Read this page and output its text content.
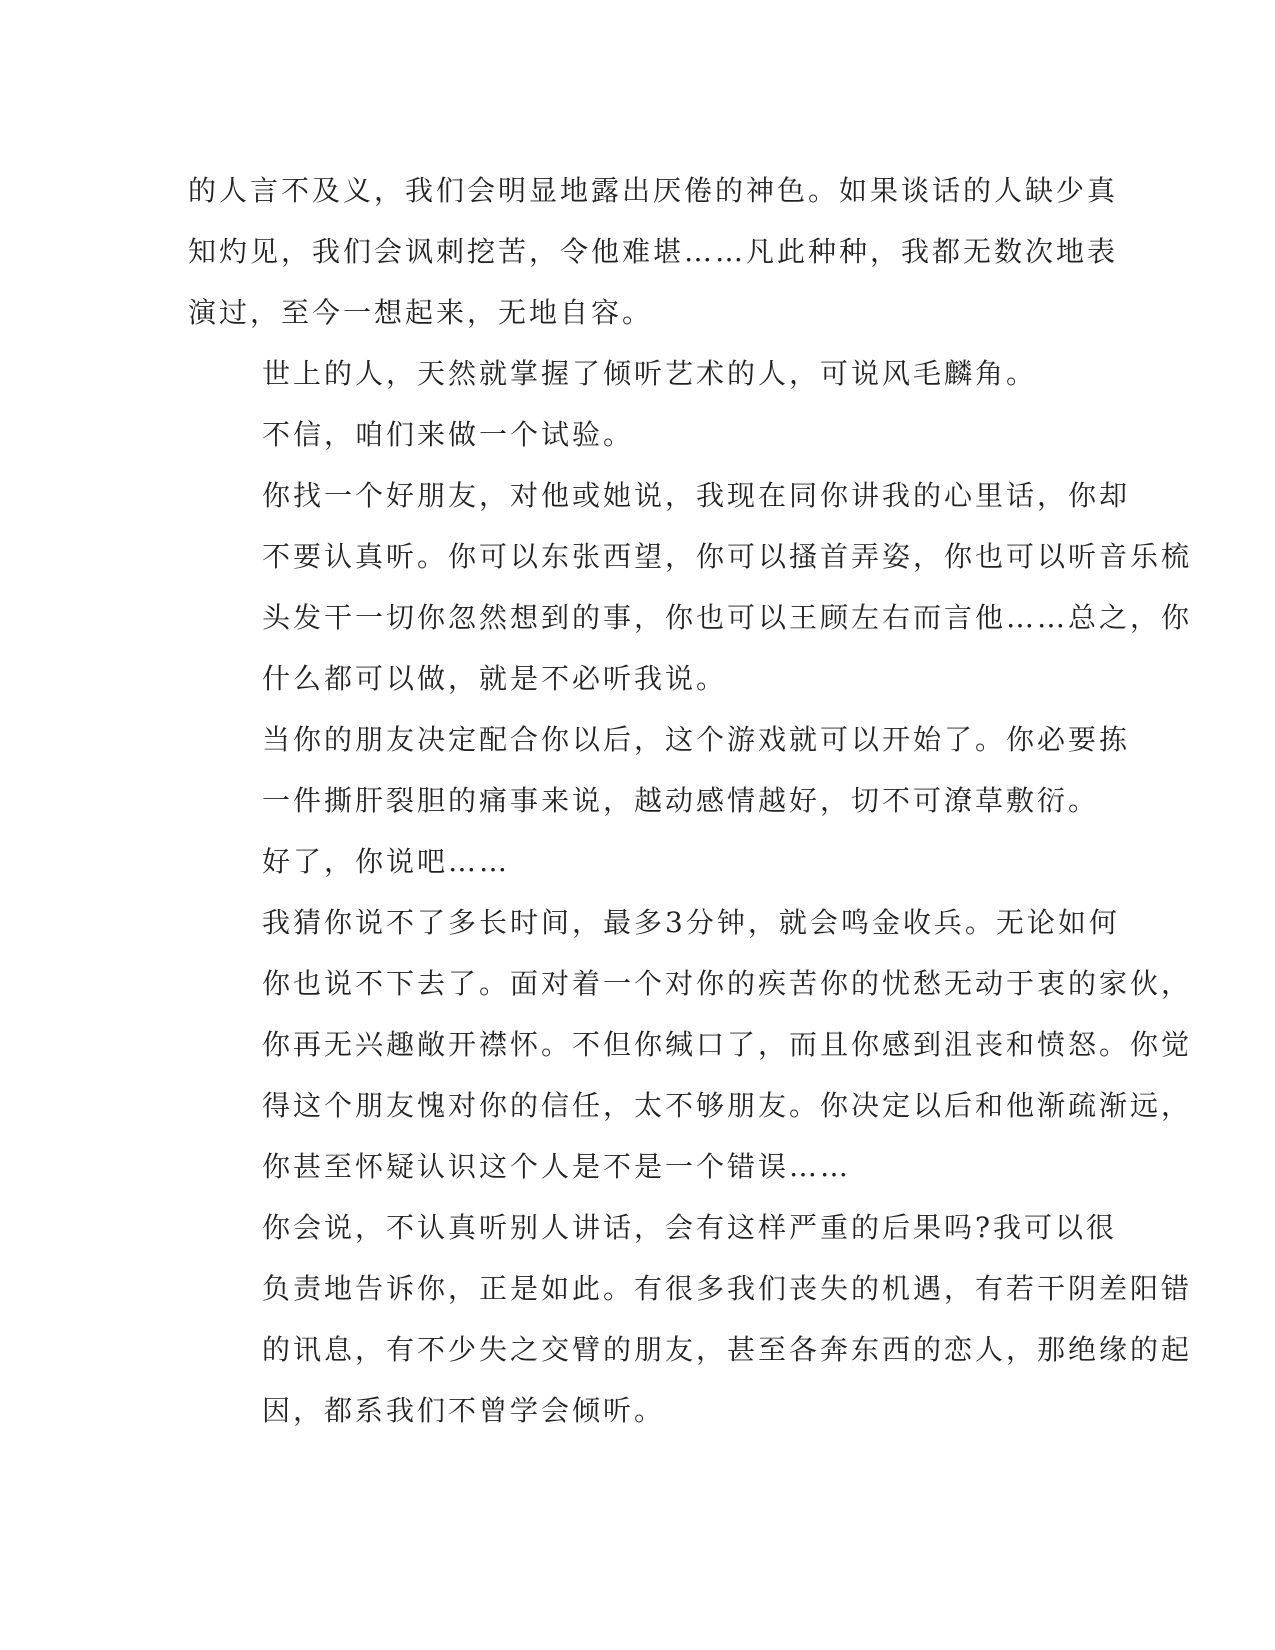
的人言不及义，我们会明显地露出厌倦的神色。如果谈话的人缺少真
知灼见，我们会讽刺挖苦，令他难堪……凡此种种，我都无数次地表
演过，至今一想起来，无地自容。

世上的人，天然就掌握了倾听艺术的人，可说风毛麟角。

不信，咱们来做一个试验。

你找一个好朋友，对他或她说，我现在同你讲我的心里话，你却
不要认真听。你可以东张西望，你可以搔首弄姿，你也可以听音乐梳
头发干一切你忽然想到的事，你也可以王顾左右而言他……总之，你
什么都可以做，就是不必听我说。

当你的朋友决定配合你以后，这个游戏就可以开始了。你必要拣
一件撕肝裂胆的痛事来说，越动感情越好，切不可潦草敷衍。

好了，你说吧……

我猜你说不了多长时间，最多3分钟，就会鸣金收兵。无论如何
你也说不下去了。面对着一个对你的疾苦你的忧愁无动于衷的家伙，
你再无兴趣敞开襟怀。不但你缄口了，而且你感到沮丧和愤怒。你觉
得这个朋友愧对你的信任，太不够朋友。你决定以后和他渐疏渐远，
你甚至怀疑认识这个人是不是一个错误……

你会说，不认真听别人讲话，会有这样严重的后果吗?我可以很
负责地告诉你，正是如此。有很多我们丧失的机遇，有若干阴差阳错
的讯息，有不少失之交臂的朋友，甚至各奔东西的恋人，那绝缘的起
因，都系我们不曾学会倾听。
